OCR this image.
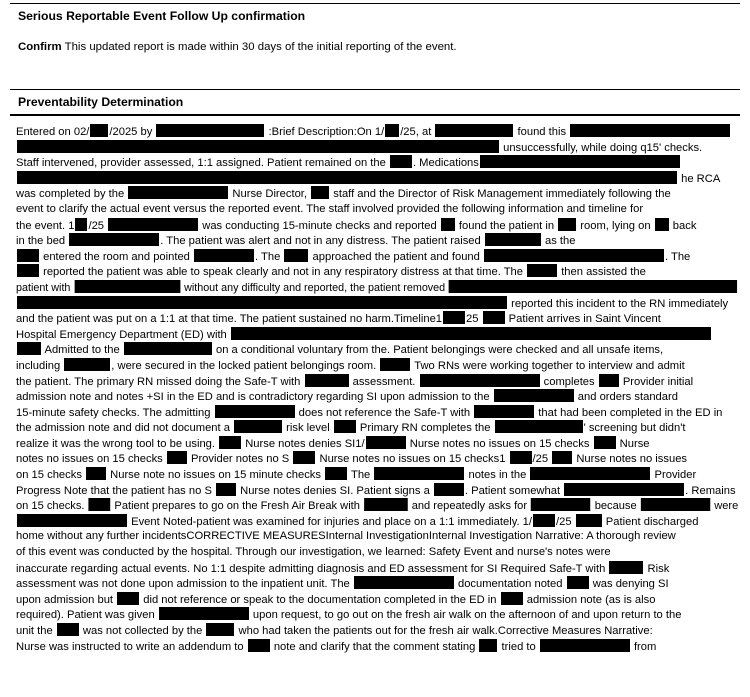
Serious Reportable Event Follow Up confirmation
Confirm This updated report is made within 30 days of the initial reporting of the event.
Preventability Determination
Entered on 02/ /2025 by	:Brief Description:On 1/ /25, at	found this
unsuccessfully, while doing q15' checks.
Staff intervened, provider assessed, 1:1 assigned. Patient remained on the . Medications
he RCA
was completed by the	Nurse Director,  staff and the Director of Risk Management immediately following the
event to clarify the actual event versus the reported event. The staff involved provided the following information and timeline for
the event. 1 /25	was conducting 15-minute checks and reported  found the patient in  room, lying on  back
in the bed	. The patient was alert and not in any distress. The patient raised	as the
entered the room and pointed	. The  approached the patient and found	. The
reported the patient was able to speak clearly and not in any respiratory distress at that time. The	then assisted the
patient with	without any difficulty and reported, the patient removed
reported this incident to the RN immediately
and the patient was put on a 1:1 at that time. The patient sustained no harm.Timeline1 25  Patient arrives in Saint Vincent
Hospital Emergency Department (ED) with
Admitted to the	on a conditional voluntary from the. Patient belongings were checked and all unsafe items,
including	, were secured in the locked patient belongings room.	Two RNs were working together to interview and admit
the patient. The primary RN missed doing the Safe-T with	assessment.	completes  Provider initial
admission note and notes +SI in the ED and is contradictory regarding SI upon admission to the	and orders standard
15-minute safety checks. The admitting	does not reference the Safe-T with	that had been completed in the ED in
the admission note and did not document a	risk level  Primary RN completes the	' screening but didn't
realize it was the wrong tool to be using.  Nurse notes denies SI1/	Nurse notes no issues on 15 checks  Nurse
notes no issues on 15 checks  Provider notes no S  Nurse notes no issues on 15 checks1 /25  Nurse notes no issues
on 15 checks  Nurse note no issues on 15 minute checks  The	notes in the	Provider
Progress Note that the patient has no S  Nurse notes denies SI. Patient signs a	. Patient somewhat	. Remains
on 15 checks.  Patient prepares to go on the Fresh Air Break with	and repeatedly asks for	because	were
Event Noted-patient was examined for injuries and place on a 1:1 immediately. 1/ /25	Patient discharged
home without any further incidentsCORRECTIVE MEASURESInternal InvestigationInternal Investigation Narrative: A thorough review
of this event was conducted by the hospital. Through our investigation, we learned: Safety Event and nurse's notes were
inaccurate regarding actual events. No 1:1 despite admitting diagnosis and ED assessment for SI Required Safe-T with	Risk
assessment was not done upon admission to the inpatient unit. The	documentation noted  was denying SI
upon admission but  did not reference or speak to the documentation completed in the ED in  admission note (as is also
required). Patient was given	upon request, to go out on the fresh air walk on the afternoon of and upon return to the
unit the  was not collected by the	who had taken the patients out for the fresh air walk.Corrective Measures Narrative:
Nurse was instructed to write an addendum to  note and clarify that the comment stating  tried to	from
